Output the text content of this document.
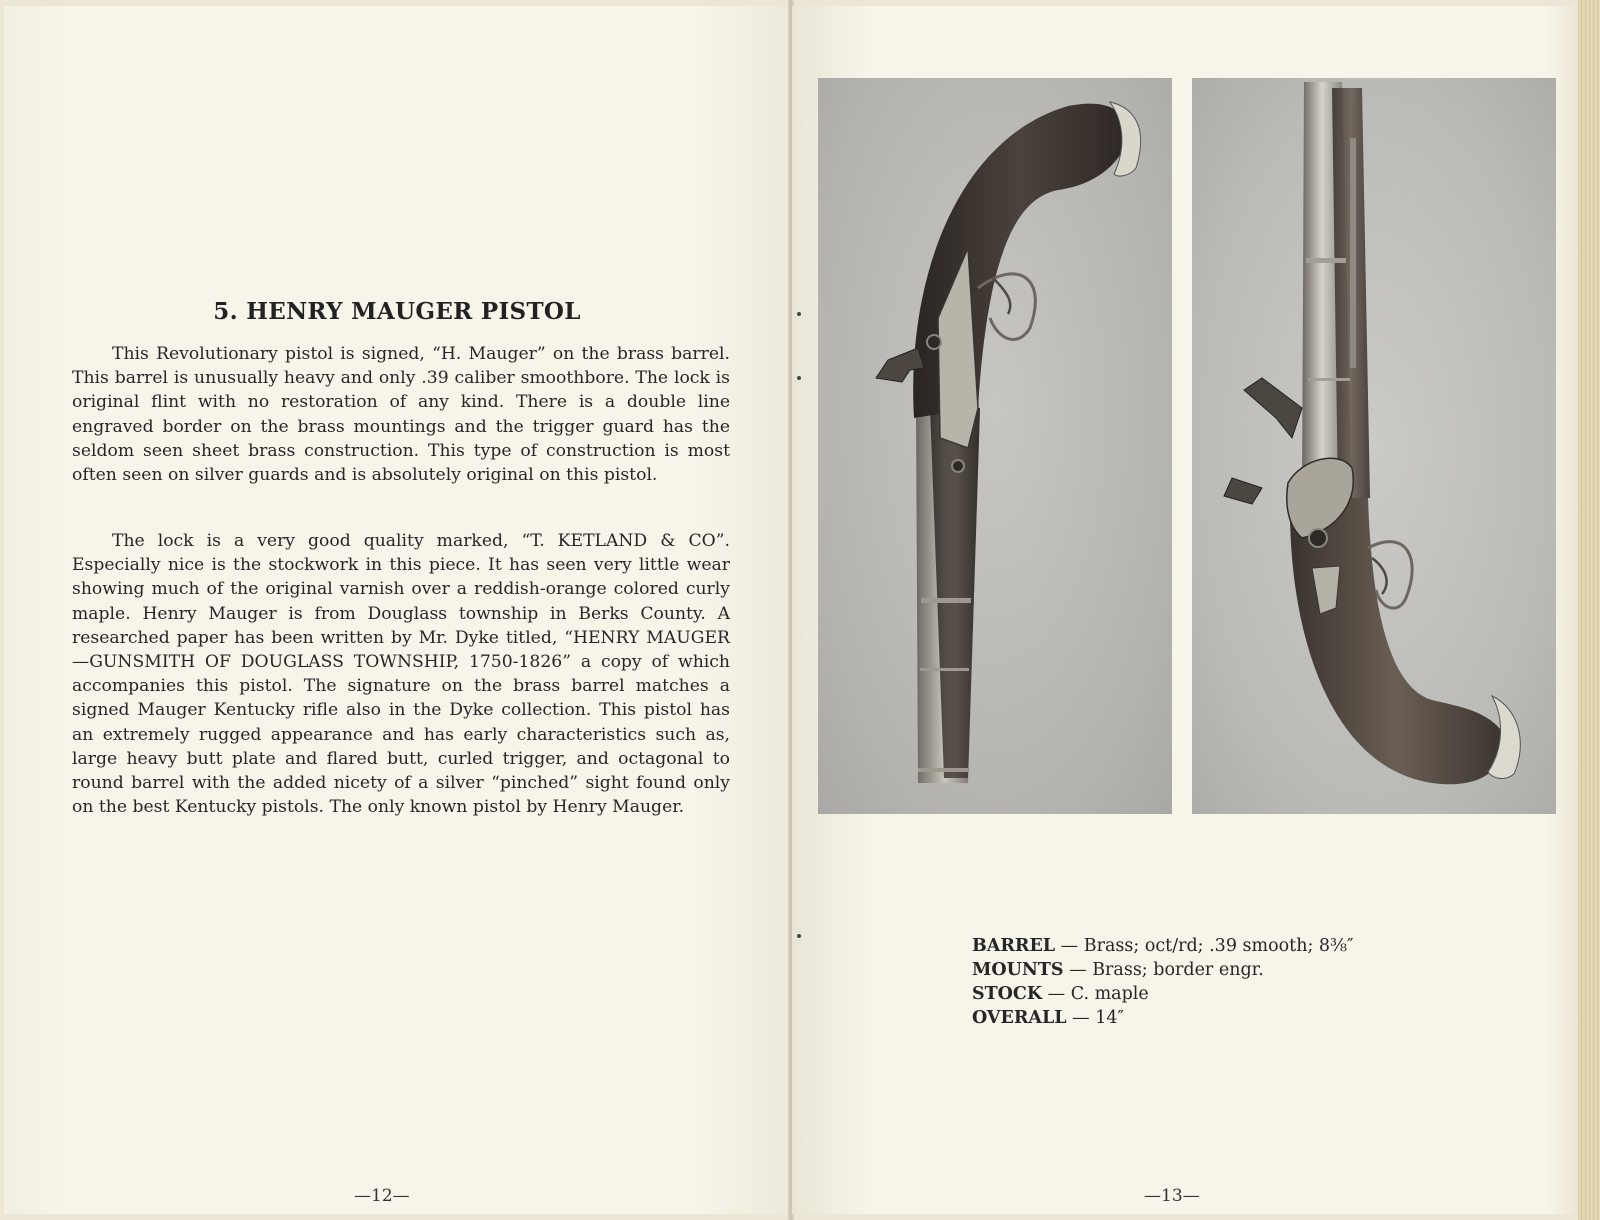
5. HENRY MAUGER PISTOL

This Revolutionary pistol is signed, “H. Mauger” on the brass barrel. This barrel is unusually heavy and only .39 caliber smoothbore. The lock is original flint with no restoration of any kind. There is a double line engraved border on the brass mountings and the trigger guard has the seldom seen sheet brass construction. This type of construction is most often seen on silver guards and is absolutely original on this pistol.

The lock is a very good quality marked, “T. KETLAND & CO”. Especially nice is the stockwork in this piece. It has seen very little wear showing much of the original varnish over a reddish-orange colored curly maple. Henry Mauger is from Douglass township in Berks County. A researched paper has been written by Mr. Dyke titled, “HENRY MAUGER—GUNSMITH OF DOUGLASS TOWNSHIP, 1750-1826” a copy of which accompanies this pistol. The signature on the brass barrel matches a signed Mauger Kentucky rifle also in the Dyke collection. This pistol has an extremely rugged appearance and has early characteristics such as, large heavy butt plate and flared butt, curled trigger, and octagonal to round barrel with the added nicety of a silver “pinched” sight found only on the best Kentucky pistols. The only known pistol by Henry Mauger.

—12—
BARREL — Brass; oct/rd; .39 smooth; 8⅜″
MOUNTS — Brass; border engr.
STOCK — C. maple
OVERALL — 14″
—13—
